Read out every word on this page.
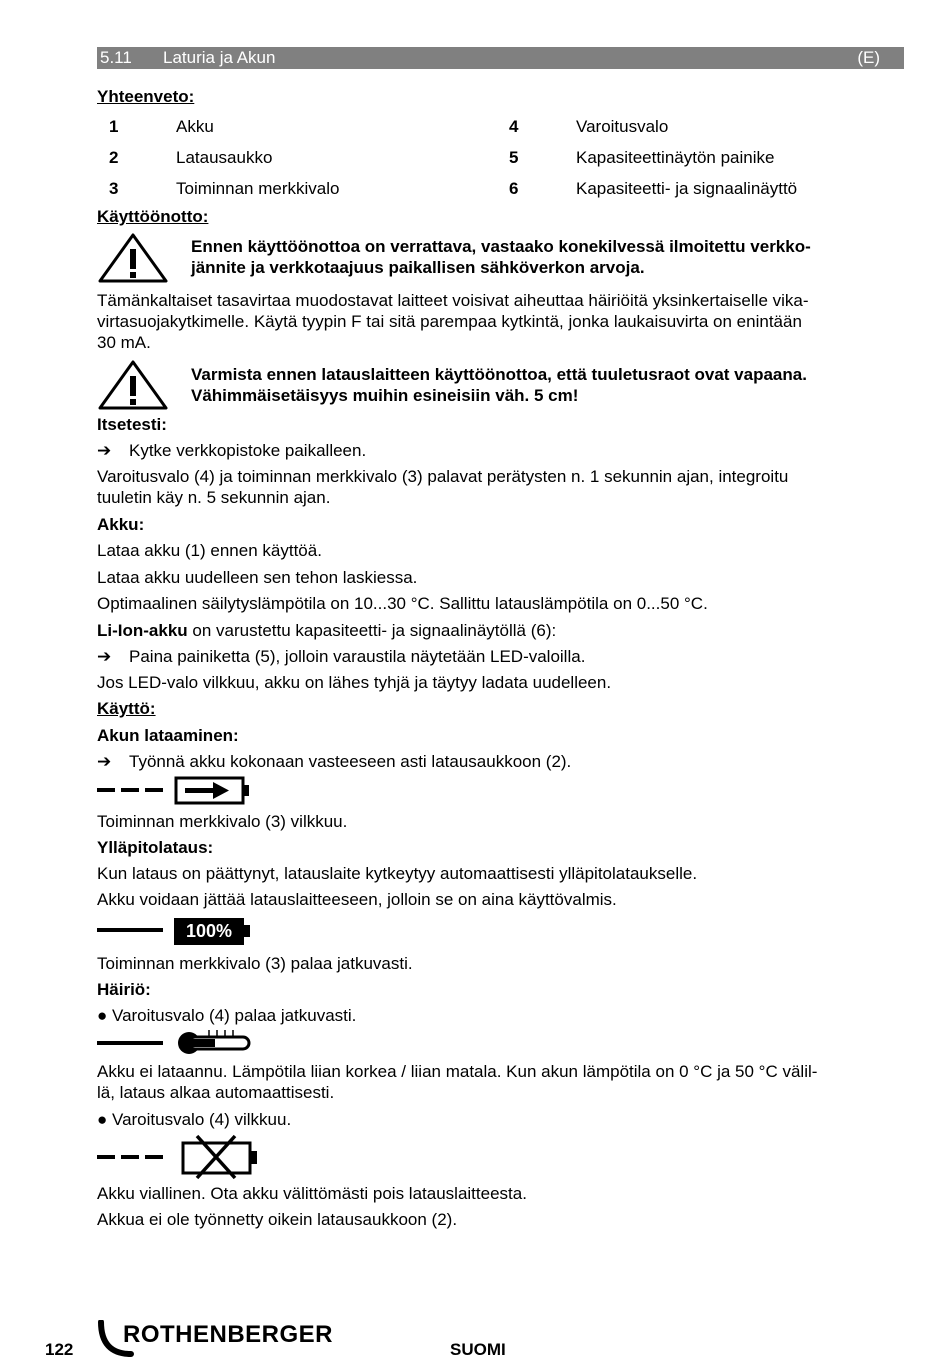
5.11 Laturia ja Akun	(E)
Yhteenveto:
1	Akku	4	Varoitusvalo
2	Latausaukko	5	Kapasiteettinäytön painike
3	Toiminnan merkkivalo	6	Kapasiteetti- ja signaalinäyttö
Käyttöönotto:
Ennen käyttöönottoa on verrattava, vastaako konekilvessä ilmoitettu verkko-
jännite ja verkkotaajuus paikallisen sähköverkon arvoja.
Tämänkaltaiset tasavirtaa muodostavat laitteet voisivat aiheuttaa häiriöitä yksinkertaiselle vika-
virtasuojakytkimelle. Käytä tyypin F tai sitä parempaa kytkintä, jonka laukaisuvirta on enintään
30 mA.
Varmista ennen latauslaitteen käyttöönottoa, että tuuletusraot ovat vapaana.
Vähimmäisetäisyys muihin esineisiin väh. 5 cm!
Itsetesti:
➔ Kytke verkkopistoke paikalleen.
Varoitusvalo (4) ja toiminnan merkkivalo (3) palavat perätysten n. 1 sekunnin ajan, integroitu
tuuletin käy n. 5 sekunnin ajan.
Akku:
Lataa akku (1) ennen käyttöä.
Lataa akku uudelleen sen tehon laskiessa.
Optimaalinen säilytyslämpötila on 10...30 °C. Sallittu latauslämpötila on 0...50 °C.
Li-Ion-akku on varustettu kapasiteetti- ja signaalinäytöllä (6):
➔ Paina painiketta (5), jolloin varaustila näytetään LED-valoilla.
Jos LED-valo vilkkuu, akku on lähes tyhjä ja täytyy ladata uudelleen.
Käyttö:
Akun lataaminen:
➔ Työnnä akku kokonaan vasteeseen asti latausaukkoon (2).
Toiminnan merkkivalo (3) vilkkuu.
Ylläpitolataus:
Kun lataus on päättynyt, latauslaite kytkeytyy automaattisesti ylläpitolataukselle.
Akku voidaan jättää latauslaitteeseen, jolloin se on aina käyttövalmis.
100%
Toiminnan merkkivalo (3) palaa jatkuvasti.
Häiriö:
● Varoitusvalo (4) palaa jatkuvasti.
Akku ei lataannu. Lämpötila liian korkea / liian matala. Kun akun lämpötila on 0 °C ja 50 °C välil-
lä, lataus alkaa automaattisesti.
● Varoitusvalo (4) vilkkuu.
Akku viallinen. Ota akku välittömästi pois latauslaitteesta.
Akkua ei ole työnnetty oikein latausaukkoon (2).
122
ROTHENBERGER
SUOMI
